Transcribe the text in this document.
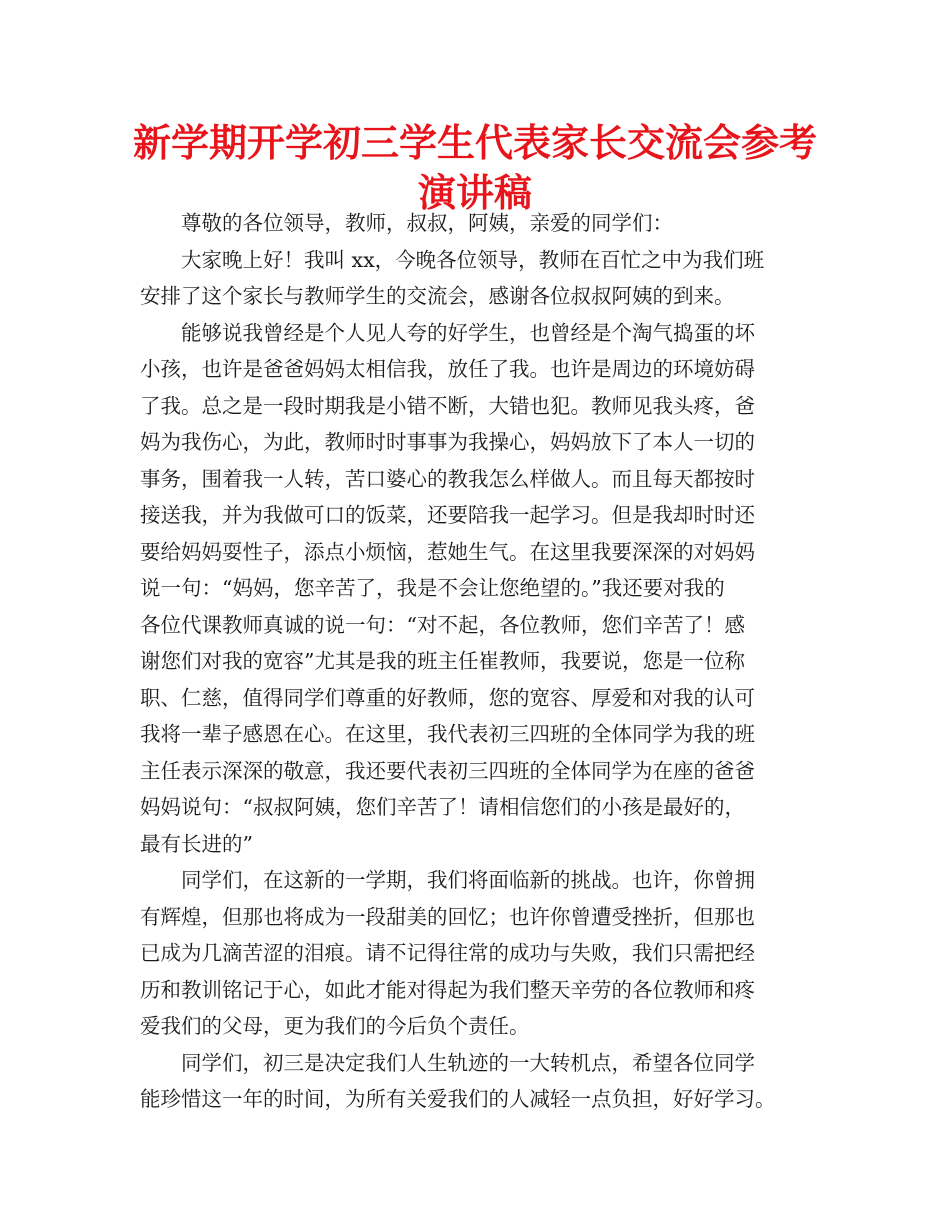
新学期开学初三学生代表家长交流会参考
演讲稿

尊敬的各位领导，教师，叔叔，阿姨，亲爱的同学们：

大家晚上好！我叫 xx，今晚各位领导，教师在百忙之中为我们班
安排了这个家长与教师学生的交流会，感谢各位叔叔阿姨的到来。

能够说我曾经是个人见人夸的好学生，也曾经是个淘气捣蛋的坏
小孩，也许是爸爸妈妈太相信我，放任了我。也许是周边的环境妨碍
了我。总之是一段时期我是小错不断，大错也犯。教师见我头疼，爸
妈为我伤心，为此，教师时时事事为我操心，妈妈放下了本人一切的
事务，围着我一人转，苦口婆心的教我怎么样做人。而且每天都按时
接送我，并为我做可口的饭菜，还要陪我一起学习。但是我却时时还
要给妈妈耍性子，添点小烦恼，惹她生气。在这里我要深深的对妈妈
说一句：“妈妈，您辛苦了，我是不会让您绝望的。”我还要对我的
各位代课教师真诚的说一句：“对不起，各位教师，您们辛苦了！感
谢您们对我的宽容”尤其是我的班主任崔教师，我要说，您是一位称
职、仁慈，值得同学们尊重的好教师，您的宽容、厚爱和对我的认可
我将一辈子感恩在心。在这里，我代表初三四班的全体同学为我的班
主任表示深深的敬意，我还要代表初三四班的全体同学为在座的爸爸
妈妈说句：“叔叔阿姨，您们辛苦了！请相信您们的小孩是最好的，
最有长进的”

同学们，在这新的一学期，我们将面临新的挑战。也许，你曾拥
有辉煌，但那也将成为一段甜美的回忆；也许你曾遭受挫折，但那也
已成为几滴苦涩的泪痕。请不记得往常的成功与失败，我们只需把经
历和教训铭记于心，如此才能对得起为我们整天辛劳的各位教师和疼
爱我们的父母，更为我们的今后负个责任。

同学们，初三是决定我们人生轨迹的一大转机点，希望各位同学
能珍惜这一年的时间，为所有关爱我们的人减轻一点负担，好好学习。
